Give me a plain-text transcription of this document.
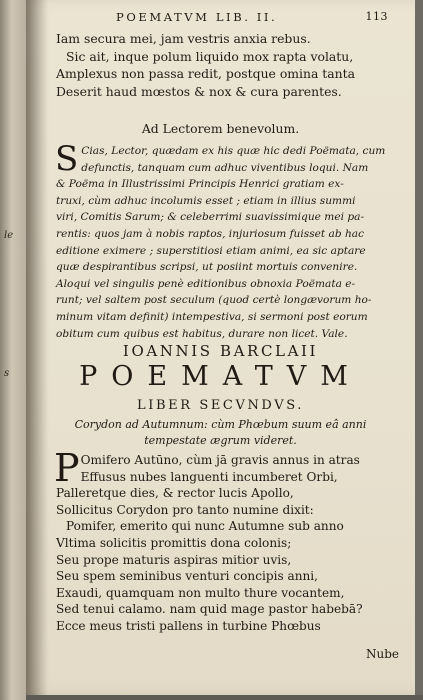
le
s
POEMATVM LIB. II.	113
Iam secura mei, jam vestris anxia rebus.
Sic ait, inque polum liquido mox rapta volatu,
Amplexus non passa redit, postque omina tanta
Deserit haud mœstos & nox & cura parentes.
Ad Lectorem benevolum.
S Cias, Lector, quædam ex his quæ hic dedi Poëmata, cum
defunctis, tanquam cum adhuc viventibus loqui. Nam
& Poëma in Illustrissimi Principis Henrici gratiam ex-
truxi, cùm adhuc incolumis esset ; etiam in illius summi
viri, Comitis Sarum; & celeberrimi suavissimique mei pa-
rentis: quos jam à nobis raptos, injuriosum fuisset ab hac
editione eximere ; superstitiosi etiam animi, ea sic aptare
quæ despirantibus scripsi, ut posiint mortuis convenire.
Aloqui vel singulis penè editionibus obnoxia Poëmata e-
runt; vel saltem post seculum (quod certè longævorum ho-
minum vitam definit) intempestiva, si sermoni post eorum
obitum cum quibus est habitus, durare non licet. Vale.
IOANNIS BARCLAII
POEMATVM
LIBER SECVNDVS.
Corydon ad Autumnum: cùm Phœbum suum eâ anni
tempestate ægrum videret.
P Omifero Autūno, cùm jā gravis annus in atras
Effusus nubes languenti incumberet Orbi,
Palleretque dies, & rector lucis Apollo,
Sollicitus Corydon pro tanto numine dixit:
Pomifer, emerito qui nunc Autumne sub anno
Vltima solicitis promittis dona colonis;
Seu prope maturis aspiras mitior uvis,
Seu spem seminibus venturi concipis anni,
Exaudi, quamquam non multo thure vocantem,
Sed tenui calamo. nam quid mage pastor habebā?
Ecce meus tristi pallens in turbine Phœbus
Nube
